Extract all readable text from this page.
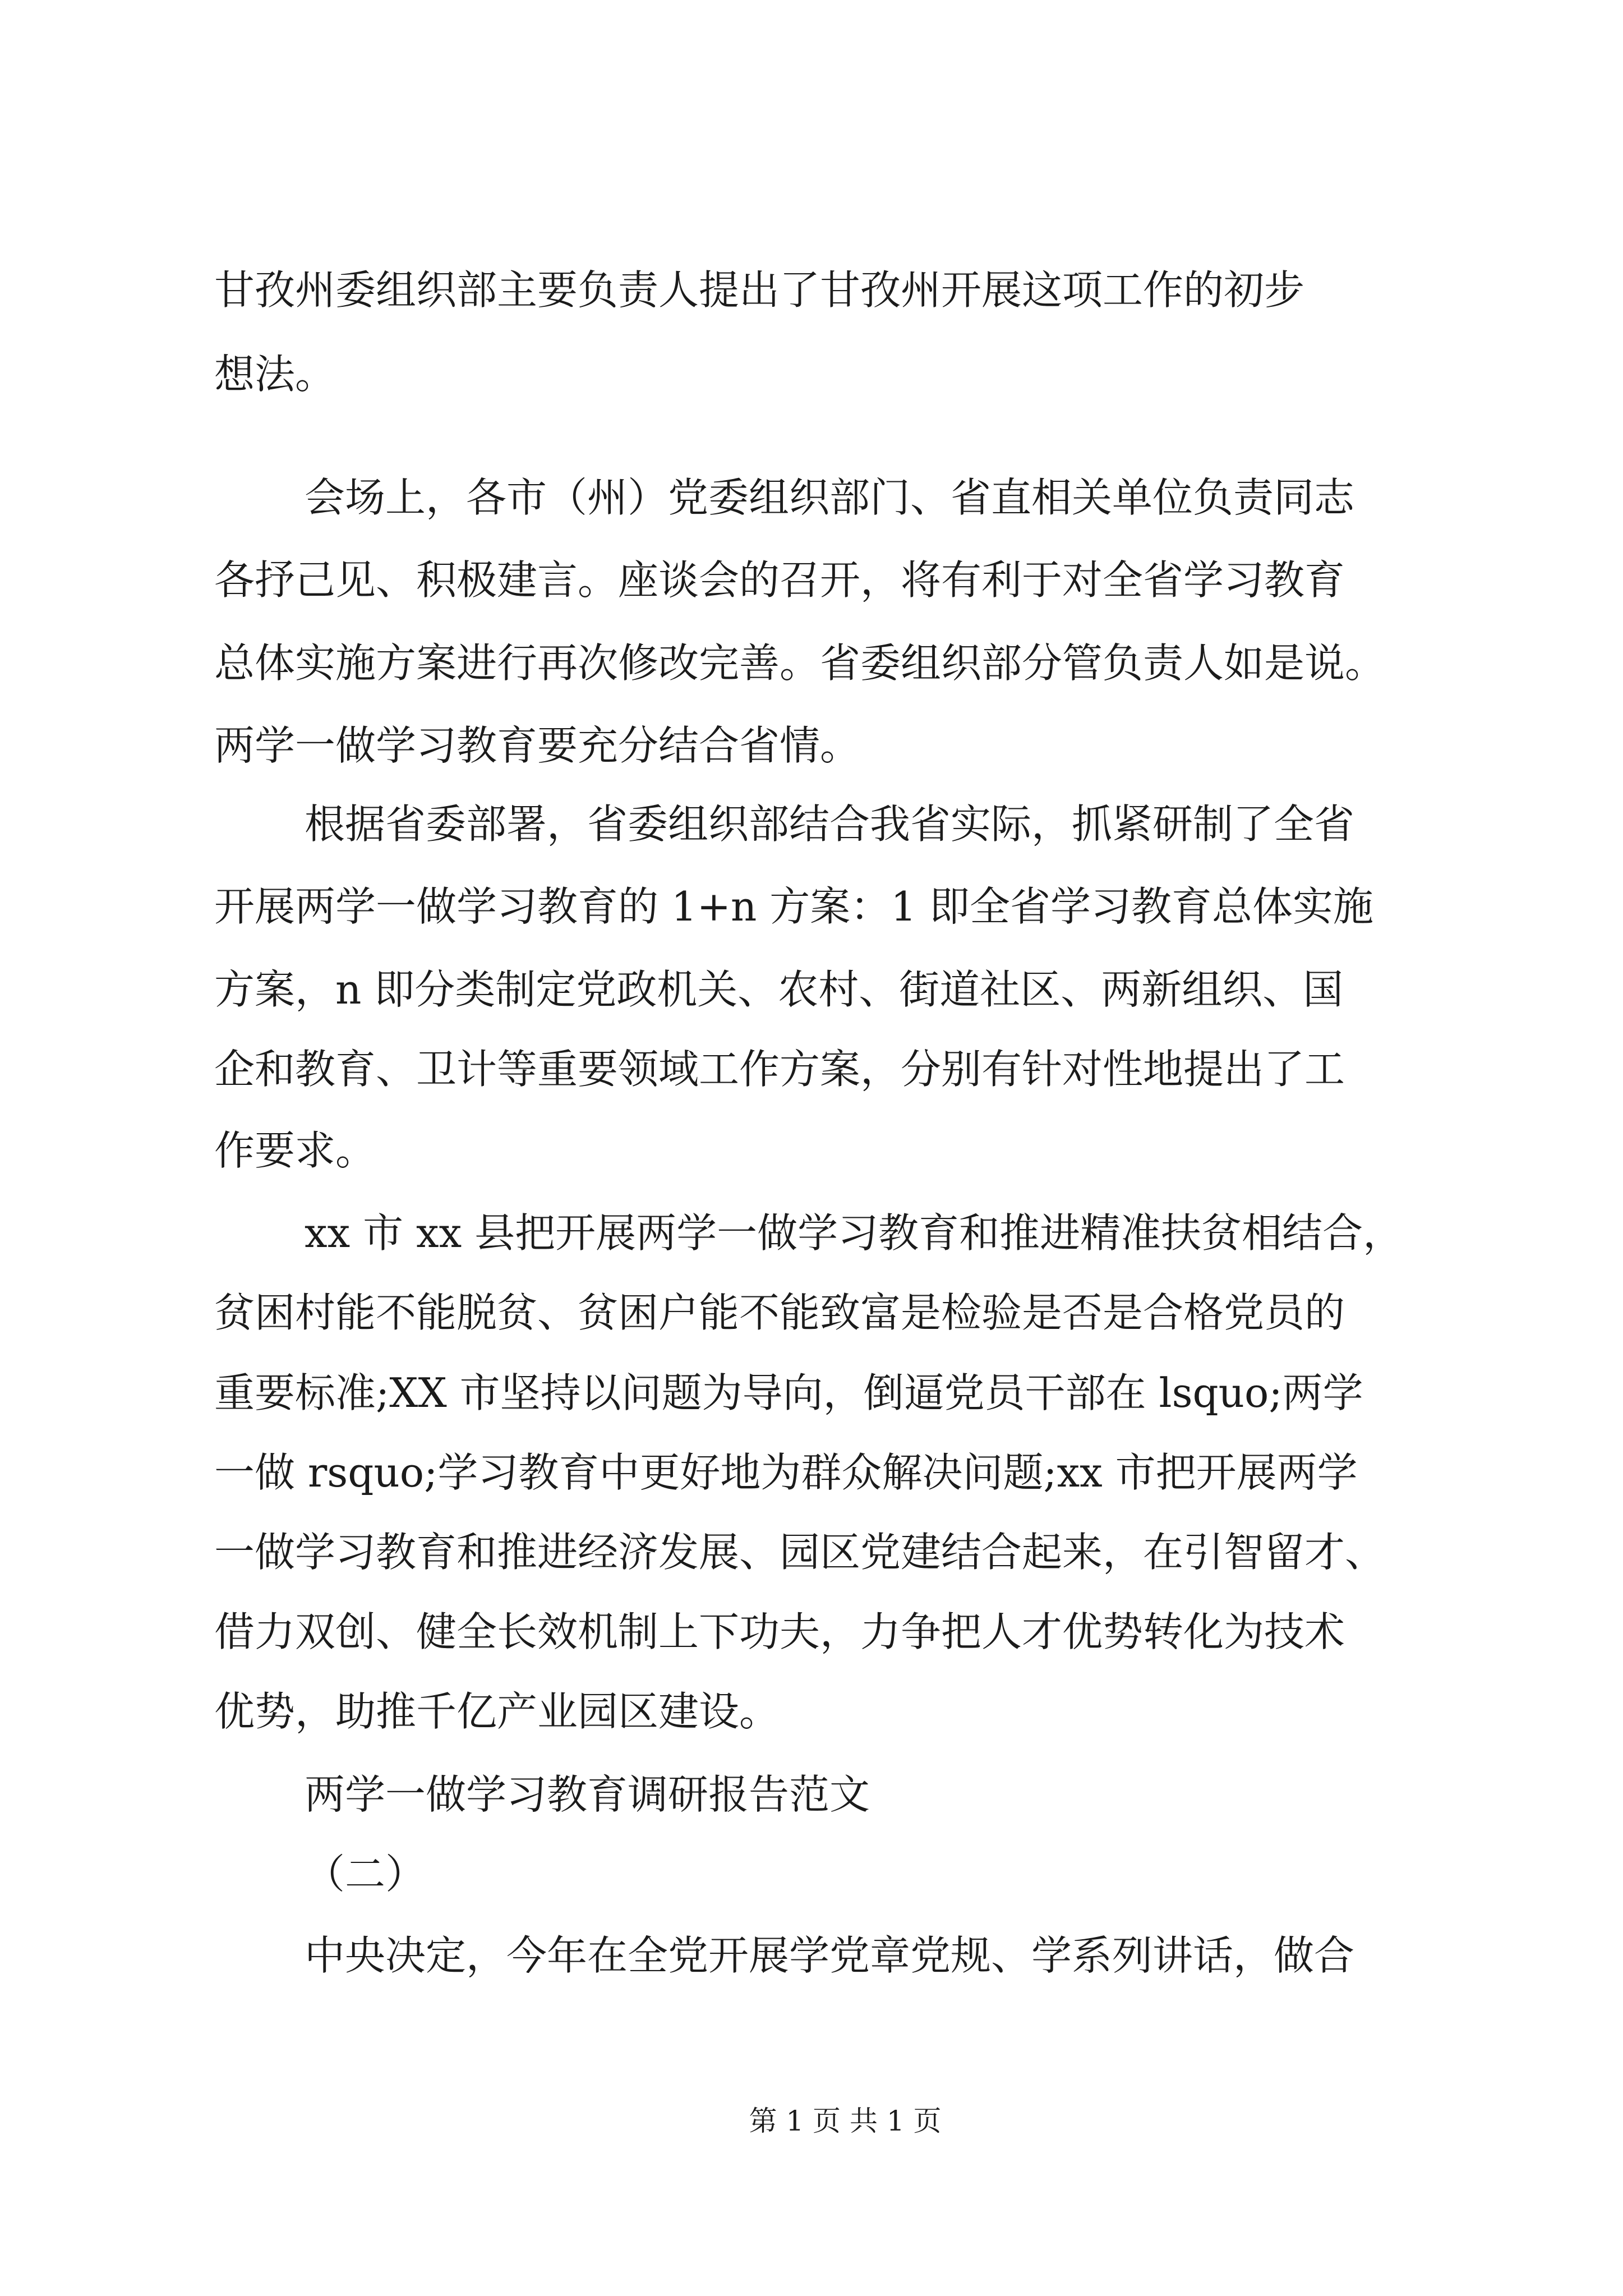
甘孜州委组织部主要负责人提出了甘孜州开展这项工作的初步
想法。
会场上，各市（州）党委组织部门、省直相关单位负责同志
各抒己见、积极建言。座谈会的召开，将有利于对全省学习教育
总体实施方案进行再次修改完善。省委组织部分管负责人如是说。
两学一做学习教育要充分结合省情。
根据省委部署，省委组织部结合我省实际，抓紧研制了全省
开展两学一做学习教育的 1+n 方案：1 即全省学习教育总体实施
方案，n 即分类制定党政机关、农村、街道社区、两新组织、国
企和教育、卫计等重要领域工作方案，分别有针对性地提出了工
作要求。
xx 市 xx 县把开展两学一做学习教育和推进精准扶贫相结合，
贫困村能不能脱贫、贫困户能不能致富是检验是否是合格党员的
重要标准;XX 市坚持以问题为导向，倒逼党员干部在 lsquo;两学
一做 rsquo;学习教育中更好地为群众解决问题;xx 市把开展两学
一做学习教育和推进经济发展、园区党建结合起来，在引智留才、
借力双创、健全长效机制上下功夫，力争把人才优势转化为技术
优势，助推千亿产业园区建设。
两学一做学习教育调研报告范文
（二）
中央决定，今年在全党开展学党章党规、学系列讲话，做合
第 1 页 共 1 页
